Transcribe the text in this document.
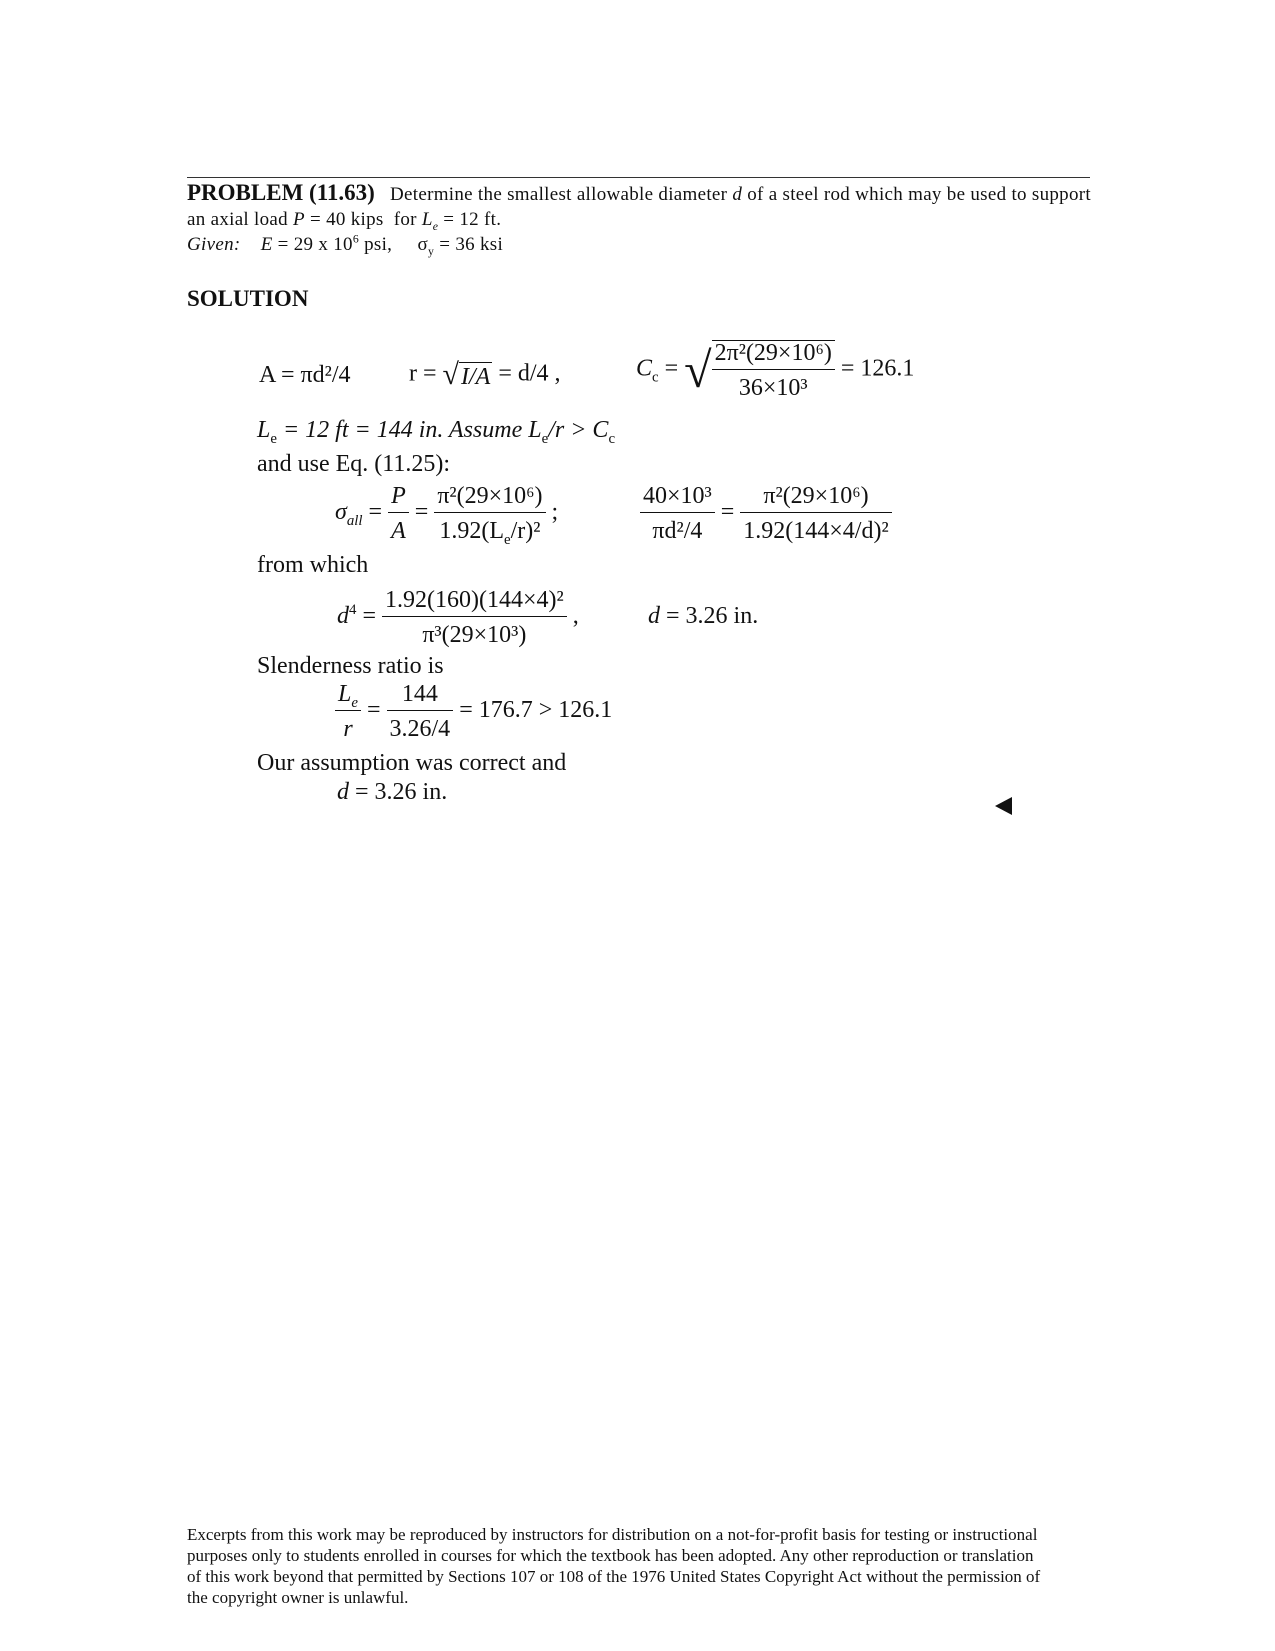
PROBLEM (11.63) Determine the smallest allowable diameter d of a steel rod which may be used to support an axial load P = 40 kips for $L_e = 12$ ft.
Given: E = 29 x $10^6$ psi, $\sigma_y = 36$ ksi
SOLUTION
A = πd²/4 r = √I/A = d/4 ,	$C_c$ = √ $\frac{\text{2π²(29×10⁶)}}{\text{36×10³}} = 126.1$
$L_e = 12$ ft = 144 in. Assume $L_e/r > C_c$
and use Eq. (11.25):
$\sigma_{all} = \frac{P}{A} = \frac{\text{π²(29×10⁶)}}{1.92(L_e/r)^2}$ ;	$\frac{\text{40×10³}}{\text{πd²/4}} = \frac{\text{π²(29×10⁶)}}{\text{1.92(144×4/d)²}}$
from which
$d^4 = \frac{\text{1.92(160)(144×4)²}}{\text{π³(29×10³)}}$ ,	d = 3.26 in.
Slenderness ratio is
$\frac{L_e}{r} = \frac{144}{3.26/4} = 176.7 > 126.1$
Our assumption was correct and
d = 3.26 in.
Excerpts from this work may be reproduced by instructors for distribution on a not-for-profit basis for testing or instructional purposes only to students enrolled in courses for which the textbook has been adopted. Any other reproduction or translation of this work beyond that permitted by Sections 107 or 108 of the 1976 United States Copyright Act without the permission of the copyright owner is unlawful.
